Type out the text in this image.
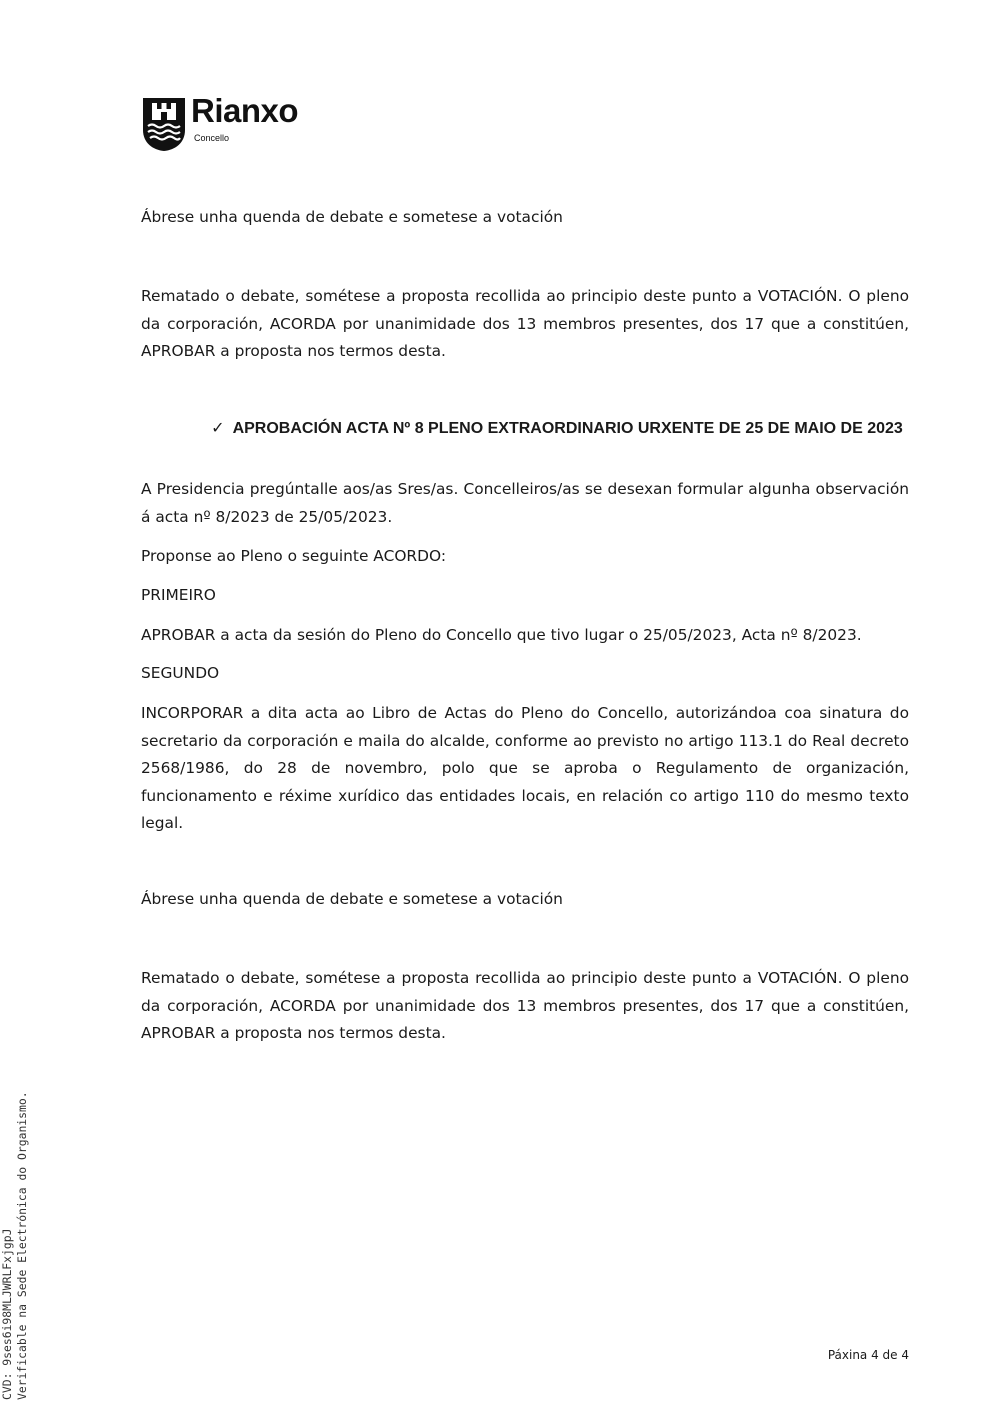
Rianxo
Concello

Ábrese unha quenda de debate e sometese a votación

Rematado o debate, sométese a proposta recollida ao principio deste punto a VOTACIÓN. O pleno da corporación, ACORDA por unanimidade dos 13 membros presentes, dos 17 que a constitúen, APROBAR a proposta nos termos desta.

✓ APROBACIÓN ACTA Nº 8 PLENO EXTRAORDINARIO URXENTE DE 25 DE MAIO DE 2023

A Presidencia pregúntalle aos/as Sres/as. Concelleiros/as se desexan formular algunha observación á acta nº 8/2023 de 25/05/2023.

Proponse ao Pleno o seguinte ACORDO:

PRIMEIRO

APROBAR a acta da sesión do Pleno do Concello que tivo lugar o 25/05/2023, Acta nº 8/2023.

SEGUNDO

INCORPORAR a dita acta ao Libro de Actas do Pleno do Concello, autorizándoa coa sinatura do secretario da corporación e maila do alcalde, conforme ao previsto no artigo 113.1 do Real decreto 2568/1986, do 28 de novembro, polo que se aproba o Regulamento de organización, funcionamento e réxime xurídico das entidades locais, en relación co artigo 110 do mesmo texto legal.

Ábrese unha quenda de debate e sometese a votación

Rematado o debate, sométese a proposta recollida ao principio deste punto a VOTACIÓN. O pleno da corporación, ACORDA por unanimidade dos 13 membros presentes, dos 17 que a constitúen, APROBAR a proposta nos termos desta.

Páxina 4 de 4
CVD: 9ses6i98MLJWRLFxjgpJ Verificable na Sede Electrónica do Organismo.
